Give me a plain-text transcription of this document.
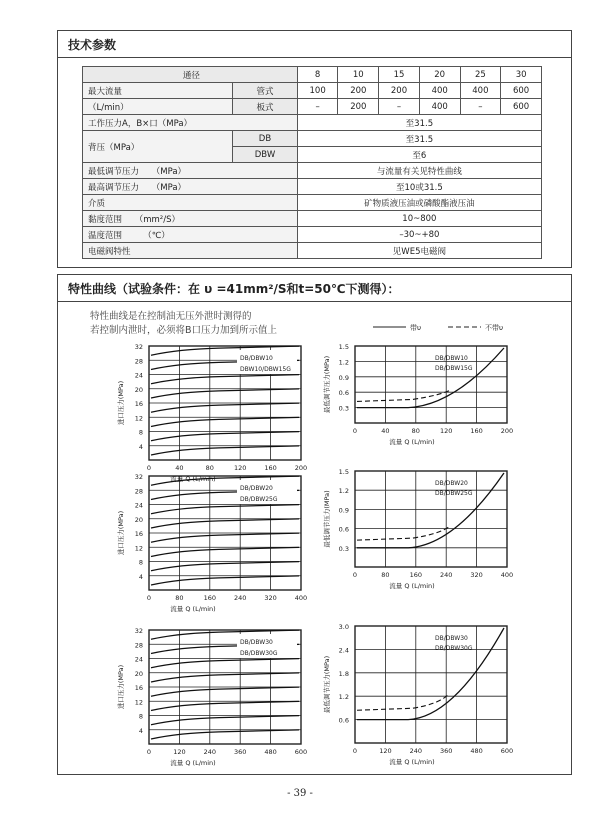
技术参数
通径		8	10	15	20	25	30
最大流量	管式	100	200	200	400	400	600
（L/min）	板式	–	200	–	400	–	600
工作压力A，B×口（MPa）		至31.5					
背压（MPa）	DB	至31.5					
	DBW	至6					
最低调节压力　　（MPa）		与流量有关见特性曲线					
最高调节压力　　（MPa）		至10或31.5					
介质		矿物质液压油或磷酸酯液压油					
黏度范围　　（mm²/S）		10~800					
温度范围　　　（℃）		–30~+80					
电磁阀特性		见WE5电磁阀					
特性曲线（试验条件：在 υ =41mm²/S和t=50℃下测得）：
特性曲线是在控制油无压外泄时测得的
若控制内泄时，必须将B口压力加到所示值上	带υ	不带υ
4
8
12
16
20
24
28
32
0	40	80	120	160	200
进口压力(MPa)
流量 Q (L/min)
DB/DBW10
DBW10/DBW15G
4
8
12
16
20
24
28
32
0	80	160	240	320	400
进口压力(MPa)
流量 Q (L/min)
DB/DBW20
DB/DBW25G
4
8
12
16
20
24
28
32
0	120	240	360	480	600
进口压力(MPa)
流量 Q (L/min)
DB/DBW30
DB/DBW30G
0.3
0.6
0.9
1.2
1.5
0	40	80	120	160	200
最低调节压力(MPa)
流量 Q (L/min)
DB/DBW10
DB/DBW15G
0.3
0.6
0.9
1.2
1.5
0	80	160	240	320	400
最低调节压力(MPa)
流量 Q (L/min)
DB/DBW20
DB/DBW25G
0.6
1.2
1.8
2.4
3.0
0	120	240	360	480	600
最低调节压力(MPa)
流量 Q (L/min)
DB/DBW30
DB/DBW30G
- 39 -
